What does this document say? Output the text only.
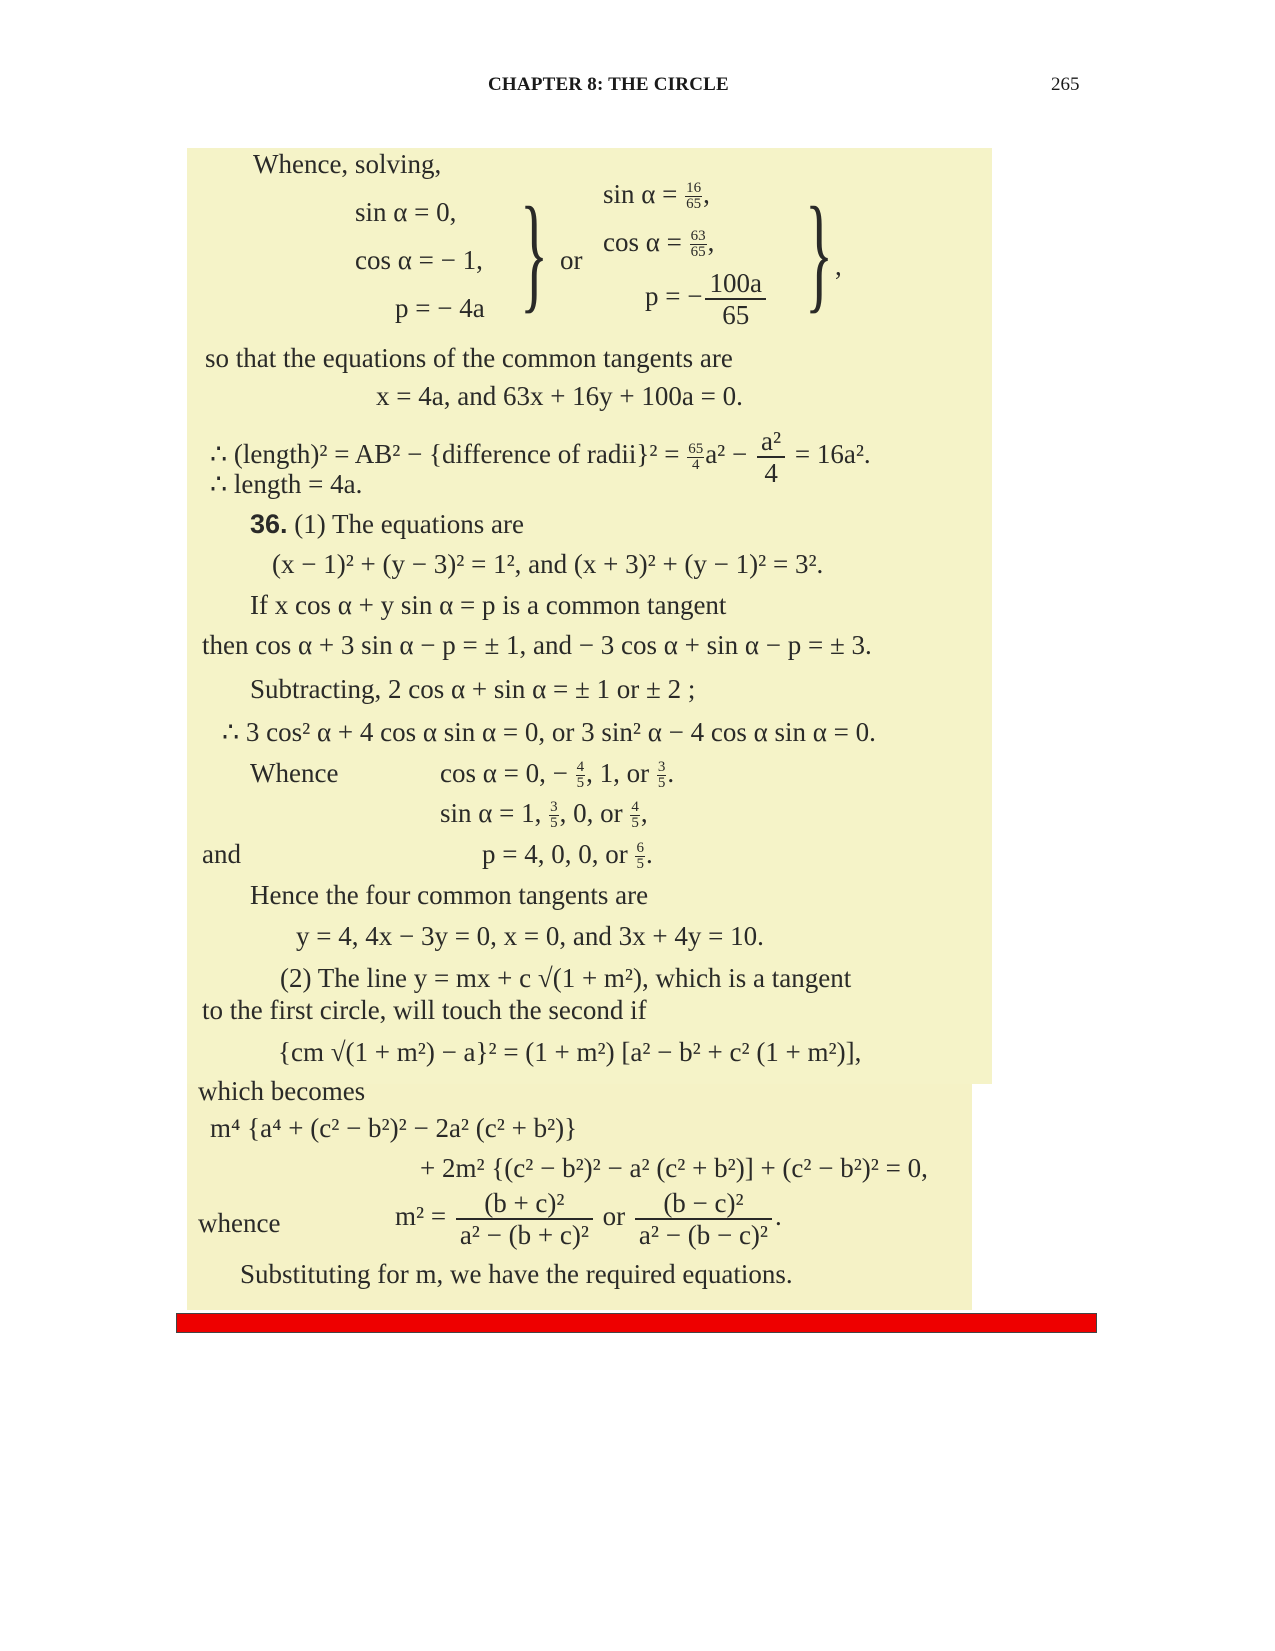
CHAPTER 8: THE CIRCLE	265
Whence, solving,
sin α = 0,
cos α = − 1,
p = − 4a } or
$\sin \alpha = \frac{16}{65}$ ,
$\cos \alpha = \frac{63}{65}$ ,
p = − $\frac{100a}{65}$ } ,
so that the equations of the common tangents are
x = 4a, and 63x + 16y + 100a = 0.
∴ (length)² = AB² − {difference of radii}² = $\frac{65}{4} a^2 - \frac{\text{a²}}{4} = 16a^2$.
∴ length = 4a.
36. (1) The equations are
(x − 1)² + (y − 3)² = 1², and (x + 3)² + (y − 1)² = 3².
If x cos α + y sin α = p is a common tangent
then cos α + 3 sin α − p = ± 1, and − 3 cos α + sin α − p = ± 3.
Subtracting, 2 cos α + sin α = ± 1 or ± 2 ;
∴ 3 cos² α + 4 cos α sin α = 0, or 3 sin² α − 4 cos α sin α = 0.
Whence	cos α = 0, − $\frac{4}{5}$ , 1, or $\frac{3}{5}$ .
sin α = 1, $\frac{3}{5}$ , 0, or $\frac{4}{5}$ ,
and	p = 4, 0, 0, or $\frac{6}{5}$ .
Hence the four common tangents are
y = 4, 4x − 3y = 0, x = 0, and 3x + 4y = 10.
(2) The line y = mx + c √(1 + m²), which is a tangent
to the first circle, will touch the second if
{cm √(1 + m²) − a}² = (1 + m²) [a² − b² + c² (1 + m²)],
which becomes
m⁴ {a⁴ + (c² − b²)² − 2a² (c² + b²)}
+ 2m² {(c² − b²)² − a² (c² + b²)] + (c² − b²)² = 0,
whence	$m^2 = \frac{\text{(b + c)²}}{\text{a² − (b + c)²}}$ or $\frac{\text{(b − c)²}}{\text{a² − (b − c)²}}$ .
Substituting for m, we have the required equations.
